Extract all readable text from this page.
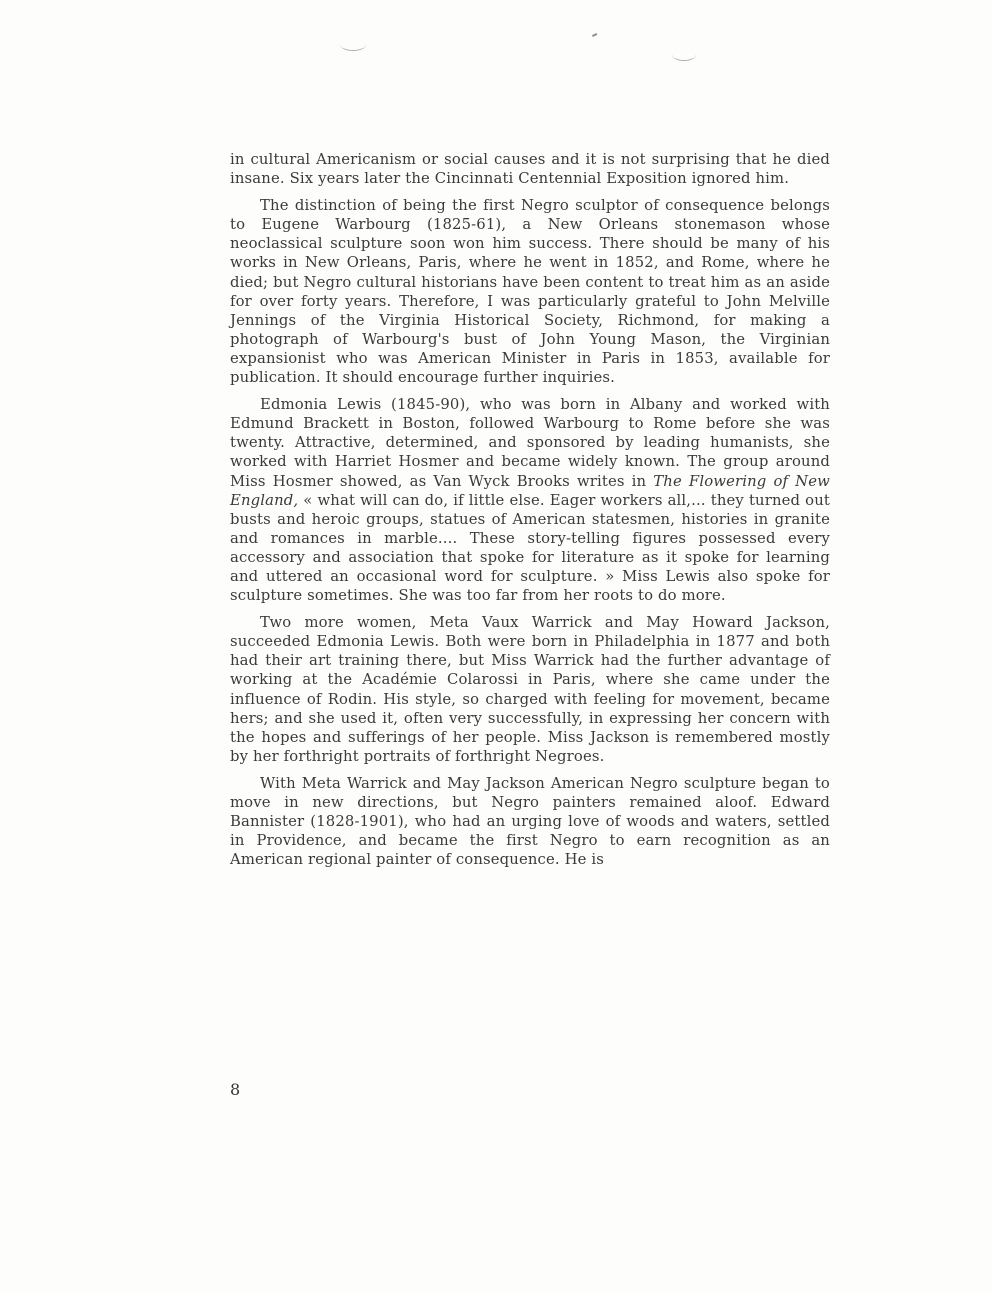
in cultural Americanism or social causes and it is not surprising that he died insane. Six years later the Cincinnati Centennial Exposition ignored him.

The distinction of being the first Negro sculptor of consequence belongs to Eugene Warbourg (1825-61), a New Orleans stonemason whose neoclassical sculpture soon won him success. There should be many of his works in New Orleans, Paris, where he went in 1852, and Rome, where he died; but Negro cultural historians have been content to treat him as an aside for over forty years. Therefore, I was particularly grateful to John Melville Jennings of the Virginia Historical Society, Richmond, for making a photograph of Warbourg's bust of John Young Mason, the Virginian expansionist who was American Minister in Paris in 1853, available for publication. It should encourage further inquiries.

Edmonia Lewis (1845-90), who was born in Albany and worked with Edmund Brackett in Boston, followed Warbourg to Rome before she was twenty. Attractive, determined, and sponsored by leading humanists, she worked with Harriet Hosmer and became widely known. The group around Miss Hosmer showed, as Van Wyck Brooks writes in The Flowering of New England, « what will can do, if little else. Eager workers all,... they turned out busts and heroic groups, statues of American statesmen, histories in granite and romances in marble.... These story-telling figures possessed every accessory and association that spoke for literature as it spoke for learning and uttered an occasional word for sculpture. » Miss Lewis also spoke for sculpture sometimes. She was too far from her roots to do more.

Two more women, Meta Vaux Warrick and May Howard Jackson, succeeded Edmonia Lewis. Both were born in Philadelphia in 1877 and both had their art training there, but Miss Warrick had the further advantage of working at the Académie Colarossi in Paris, where she came under the influence of Rodin. His style, so charged with feeling for movement, became hers; and she used it, often very successfully, in expressing her concern with the hopes and sufferings of her people. Miss Jackson is remembered mostly by her forthright portraits of forthright Negroes.

With Meta Warrick and May Jackson American Negro sculpture began to move in new directions, but Negro painters remained aloof. Edward Bannister (1828-1901), who had an urging love of woods and waters, settled in Providence, and became the first Negro to earn recognition as an American regional painter of consequence. He is

8
